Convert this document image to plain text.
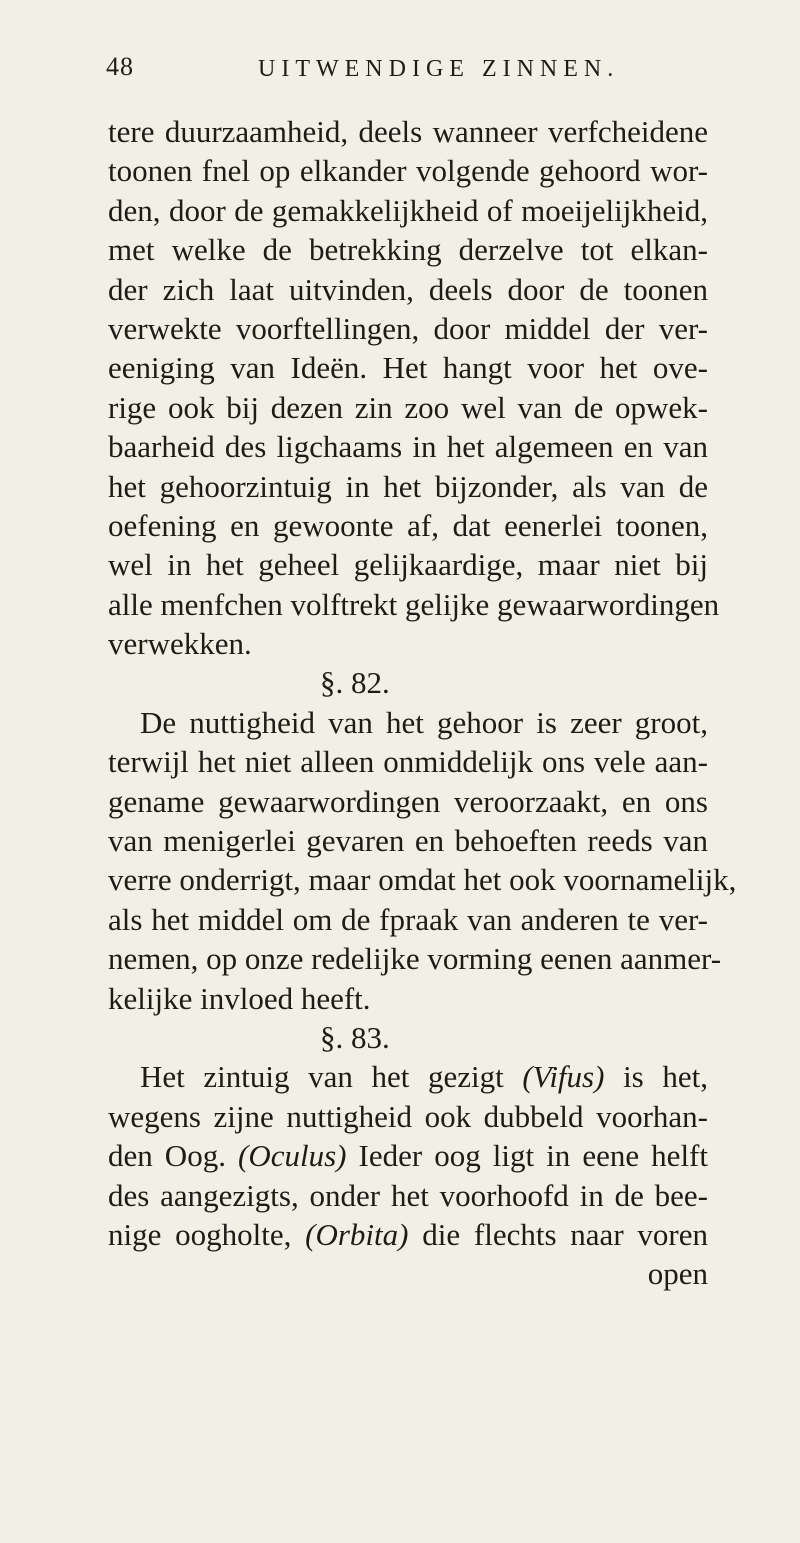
48	UITWENDIGE ZINNEN.
tere duurzaamheid, deels wanneer verfcheidene
toonen fnel op elkander volgende gehoord wor-
den, door de gemakkelijkheid of moeijelijkheid,
met welke de betrekking derzelve tot elkan-
der zich laat uitvinden, deels door de toonen
verwekte voorftellingen, door middel der ver-
eeniging van Ideën. Het hangt voor het ove-
rige ook bij dezen zin zoo wel van de opwek-
baarheid des ligchaams in het algemeen en van
het gehoorzintuig in het bijzonder, als van de
oefening en gewoonte af, dat eenerlei toonen,
wel in het geheel gelijkaardige, maar niet bij
alle menfchen volftrekt gelijke gewaarwordingen
verwekken.
§. 82.
De nuttigheid van het gehoor is zeer groot,
terwijl het niet alleen onmiddelijk ons vele aan-
gename gewaarwordingen veroorzaakt, en ons
van menigerlei gevaren en behoeften reeds van
verre onderrigt, maar omdat het ook voornamelijk,
als het middel om de fpraak van anderen te ver-
nemen, op onze redelijke vorming eenen aanmer-
kelijke invloed heeft.
§. 83.
Het zintuig van het gezigt (Vifus) is het,
wegens zijne nuttigheid ook dubbeld voorhan-
den Oog. (Oculus) Ieder oog ligt in eene helft
des aangezigts, onder het voorhoofd in de bee-
nige oogholte, (Orbita) die flechts naar voren
open
